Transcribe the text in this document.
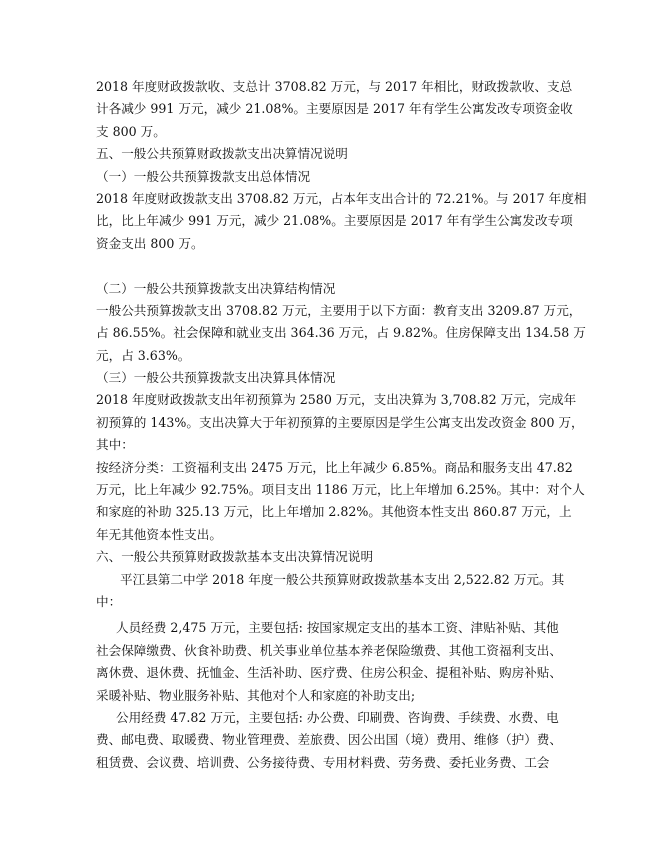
2018 年度财政拨款收、支总计 3708.82 万元，与 2017 年相比，财政拨款收、支总
计各减少 991 万元，减少 21.08%。主要原因是 2017 年有学生公寓发改专项资金收
支 800 万。
五、一般公共预算财政拨款支出决算情况说明
（一）一般公共预算拨款支出总体情况
2018 年度财政拨款支出 3708.82 万元，占本年支出合计的 72.21%。与 2017 年度相
比，比上年减少 991 万元，减少 21.08%。主要原因是 2017 年有学生公寓发改专项
资金支出 800 万。
（二）一般公共预算拨款支出决算结构情况
一般公共预算拨款支出 3708.82 万元，主要用于以下方面：教育支出 3209.87 万元，
占 86.55%。社会保障和就业支出 364.36 万元，占 9.82%。住房保障支出 134.58 万
元，占 3.63%。
（三）一般公共预算拨款支出决算具体情况
2018 年度财政拨款支出年初预算为 2580 万元，支出决算为 3,708.82 万元，完成年
初预算的 143%。支出决算大于年初预算的主要原因是学生公寓支出发改资金 800 万，
其中：
按经济分类：工资福利支出 2475 万元，比上年减少 6.85%。商品和服务支出 47.82
万元，比上年减少 92.75%。项目支出 1186 万元，比上年增加 6.25%。其中：对个人
和家庭的补助 325.13 万元，比上年增加 2.82%。其他资本性支出 860.87 万元，上
年无其他资本性支出。
六、一般公共预算财政拨款基本支出决算情况说明
平江县第二中学 2018 年度一般公共预算财政拨款基本支出 2,522.82 万元。其
中：
人员经费 2,475 万元，主要包括: 按国家规定支出的基本工资、津贴补贴、其他
社会保障缴费、伙食补助费、机关事业单位基本养老保险缴费、其他工资福利支出、
离休费、退休费、抚恤金、生活补助、医疗费、住房公积金、提租补贴、购房补贴、
采暖补贴、物业服务补贴、其他对个人和家庭的补助支出;
公用经费 47.82 万元，主要包括: 办公费、印刷费、咨询费、手续费、水费、电
费、邮电费、取暖费、物业管理费、差旅费、因公出国（境）费用、维修（护）费、
租赁费、会议费、培训费、公务接待费、专用材料费、劳务费、委托业务费、工会
